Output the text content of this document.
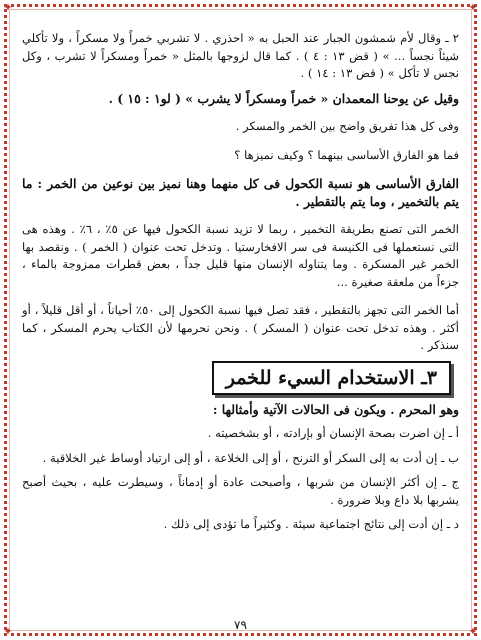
✦	✦
✦	✦

٢ ـ وقال لأم شمشون الجبار عند الحبل به « احذري . لا تشربي خمراً ولا مسكراً ، ولا تأكلي شيئاً نجساً ... » ( قض ١٣ : ٤ ) . كما قال لزوجها بالمثل « خمراً ومسكراً لا تشرب ، وكل نجس لا تأكل » ( قض ١٣ : ١٤ ) .

وقيل عن يوحنا المعمدان « خمراً ومسكراً لا يشرب » ( لو١ : ١٥ ) .

وفى كل هذا تفريق واضح بين الخمر والمسكر .

فما هو الفارق الأساسى بينهما ؟ وكيف نميزها ؟

الفارق الأساسى هو نسبة الكحول فى كل منهما وهنا نميز بين نوعين من الخمر : ما يتم بالتخمير ، وما يتم بالتقطير .

الخمر التى تصنع بطريقة التخمير ، ربما لا تزيد نسبة الكحول فيها عن ٥٪ ، ٦٪ . وهذه هى التى نستعملها فى الكنيسة فى سر الافخارستيا . وتدخل تحت عنوان ( الخمر ) . ونقصد بها الخمر غير المسكرة . وما يتناوله الإنسان منها قليل جداً ، بعض قطرات ممزوجة بالماء ، جزءاً من ملعقة صغيرة ...

أما الخمر التى تجهز بالتقطير ، فقد تصل فيها نسبة الكحول إلى ٥٠٪ أحياناً ، أو أقل قليلاً ، أو أكثر . وهذه تدخل تحت عنوان ( المسكر ) . ونحن نحرمها لأن الكتاب يحرم المسكر ، كما سنذكر .

٣ـ الاستخدام السيء للخمر

وهو المحرم . ويكون فى الحالات الآتية وأمثالها :

أ ـ إن اضرت بصحة الإنسان أو بإرادته ، أو بشخصيته .

ب ـ إن أدت به إلى السكر أو الترنح ، أو إلى الخلاعة ، أو إلى ارتياد أوساط غير الخلاقية .

ج ـ إن أكثر الإنسان من شربها ، وأصبحت عادة أو إدماناً ، وسيطرت عليه ، بحيث أصبح يشربها بلا داع وبلا ضرورة .

د ـ إن أدت إلى نتائج اجتماعية سيئة . وكثيراً ما تؤدى إلى ذلك .

٧٩
